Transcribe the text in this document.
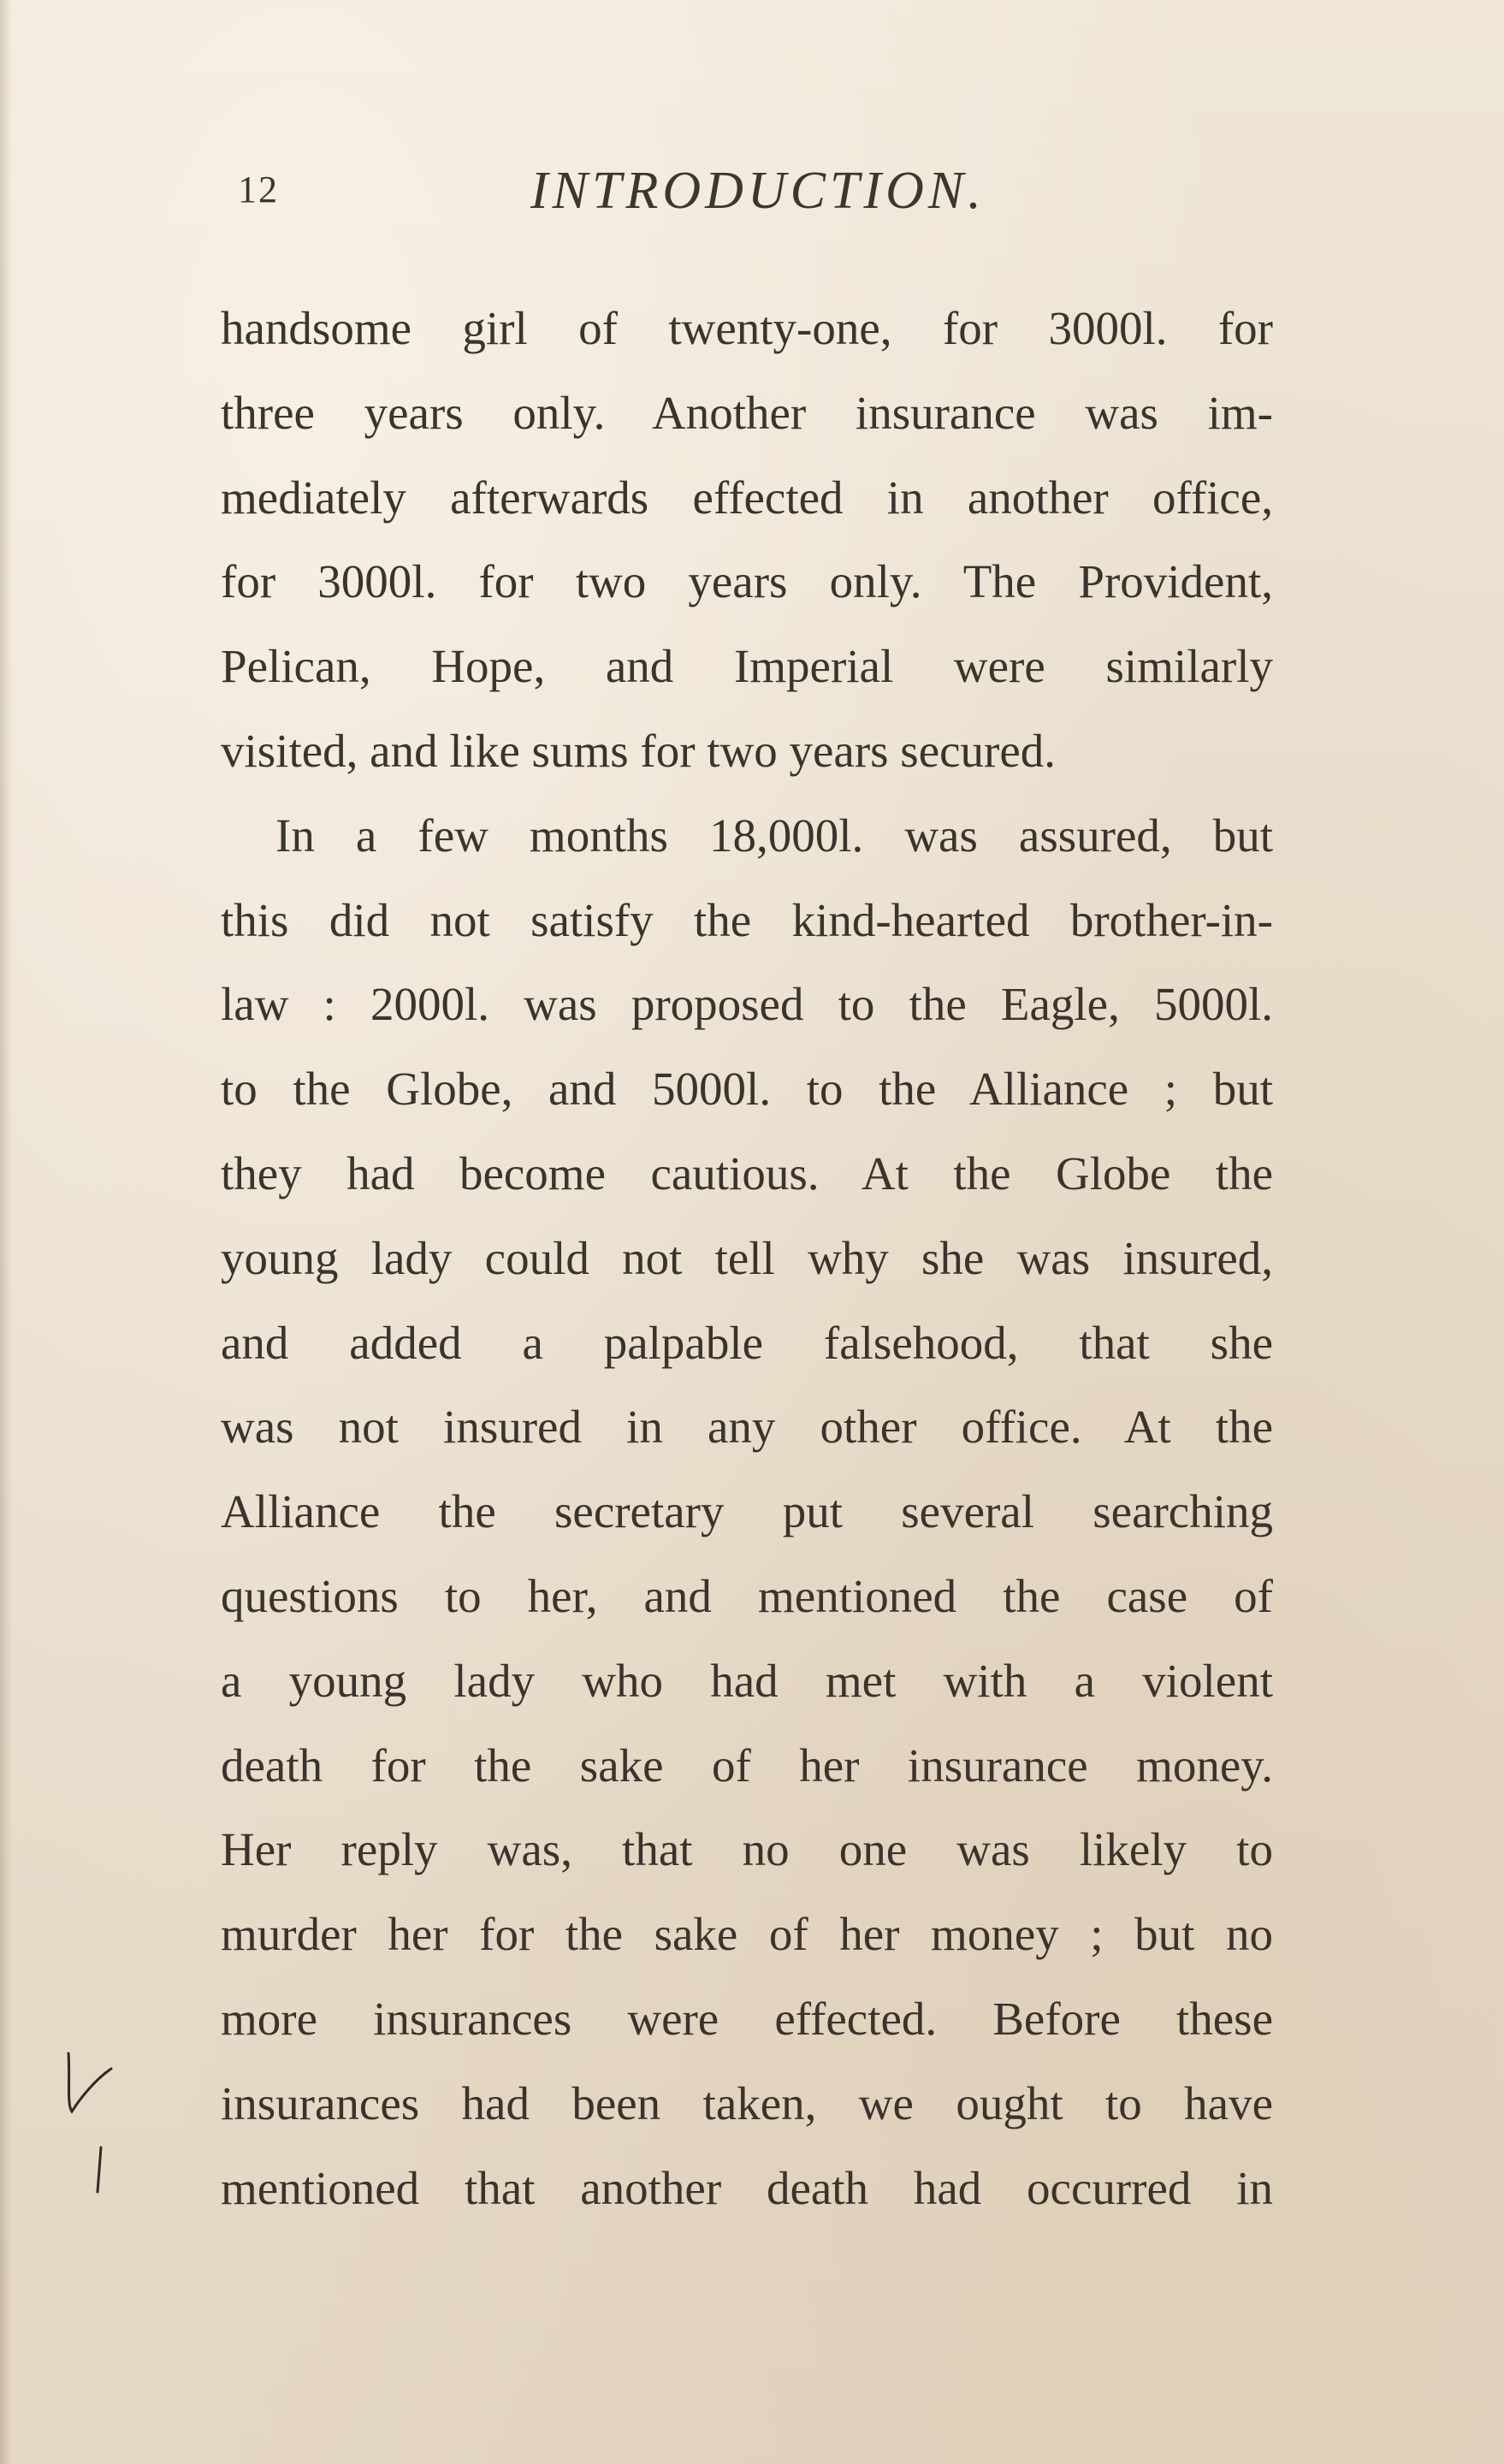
12	INTRODUCTION.
handsome girl of twenty-one, for 3000l. for
three years only. Another insurance was im-
mediately afterwards effected in another office,
for 3000l. for two years only. The Provident,
Pelican, Hope, and Imperial were similarly
visited, and like sums for two years secured.
In a few months 18,000l. was assured, but
this did not satisfy the kind-hearted brother-in-
law : 2000l. was proposed to the Eagle, 5000l.
to the Globe, and 5000l. to the Alliance ; but
they had become cautious. At the Globe the
young lady could not tell why she was insured,
and added a palpable falsehood, that she
was not insured in any other office. At the
Alliance the secretary put several searching
questions to her, and mentioned the case of
a young lady who had met with a violent
death for the sake of her insurance money.
Her reply was, that no one was likely to
murder her for the sake of her money ; but no
more insurances were effected. Before these
insurances had been taken, we ought to have
mentioned that another death had occurred in
